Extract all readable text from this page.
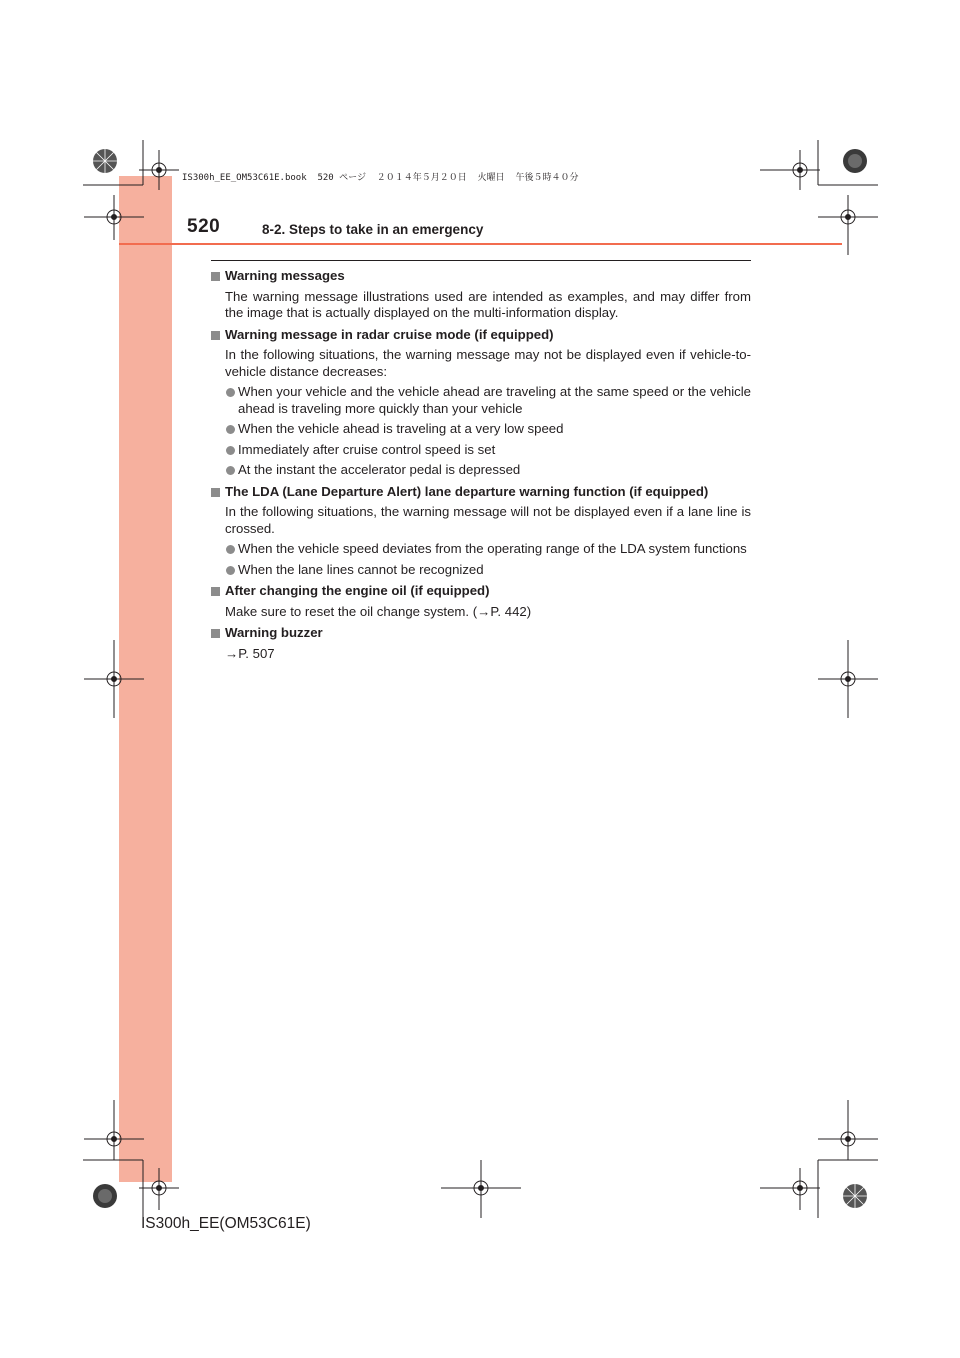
IS300h_EE_OM53C61E.book  520 ページ  ２０１４年５月２０日  火曜日  午後５時４０分
520	8-2. Steps to take in an emergency
Warning messages
The warning message illustrations used are intended as examples, and may differ from the image that is actually displayed on the multi-information display.
Warning message in radar cruise mode (if equipped)
In the following situations, the warning message may not be displayed even if vehicle-to-vehicle distance decreases:
When your vehicle and the vehicle ahead are traveling at the same speed or the vehicle ahead is traveling more quickly than your vehicle
When the vehicle ahead is traveling at a very low speed
Immediately after cruise control speed is set
At the instant the accelerator pedal is depressed
The LDA (Lane Departure Alert) lane departure warning function (if equipped)
In the following situations, the warning message will not be displayed even if a lane line is crossed.
When the vehicle speed deviates from the operating range of the LDA system functions
When the lane lines cannot be recognized
After changing the engine oil (if equipped)
Make sure to reset the oil change system. (→P. 442)
Warning buzzer
→P. 507
IS300h_EE(OM53C61E)
